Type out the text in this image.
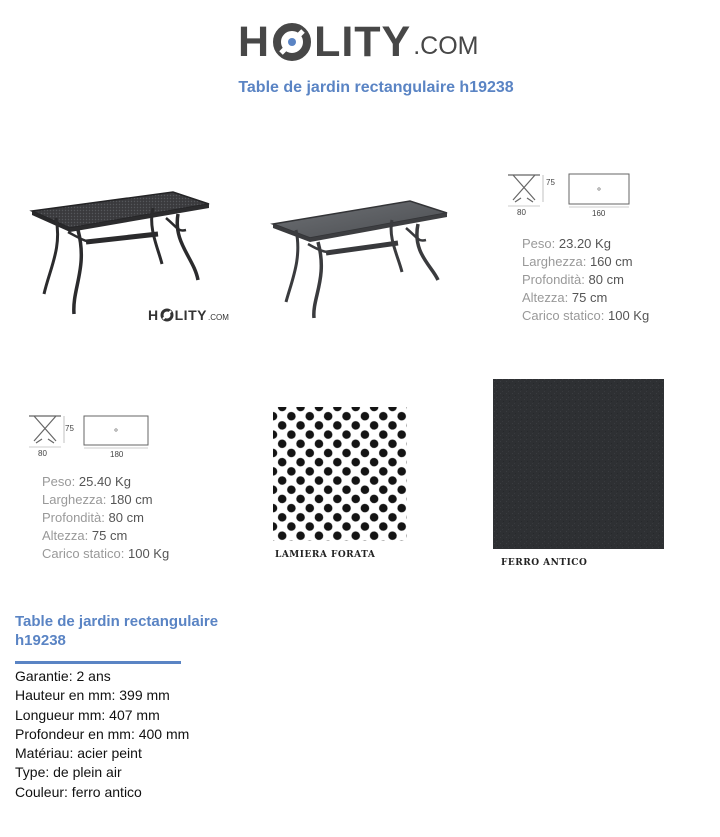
H LITY .COM
Table de jardin rectangulaire h19238
H LITY .COM
75
80	160
Peso: 23.20 Kg
Larghezza: 160 cm
Profondità: 80 cm
Altezza: 75 cm
Carico statico: 100 Kg
75
80	180
Peso: 25.40 Kg
Larghezza: 180 cm
Profondità: 80 cm
Altezza: 75 cm
Carico statico: 100 Kg	LAMIERA FORATA
FERRO ANTICO
Table de jardin rectangulaire h19238
Garantie: 2 ans
Hauteur en mm: 399 mm
Longueur mm: 407 mm
Profondeur en mm: 400 mm
Matériau: acier peint
Type: de plein air
Couleur: ferro antico
